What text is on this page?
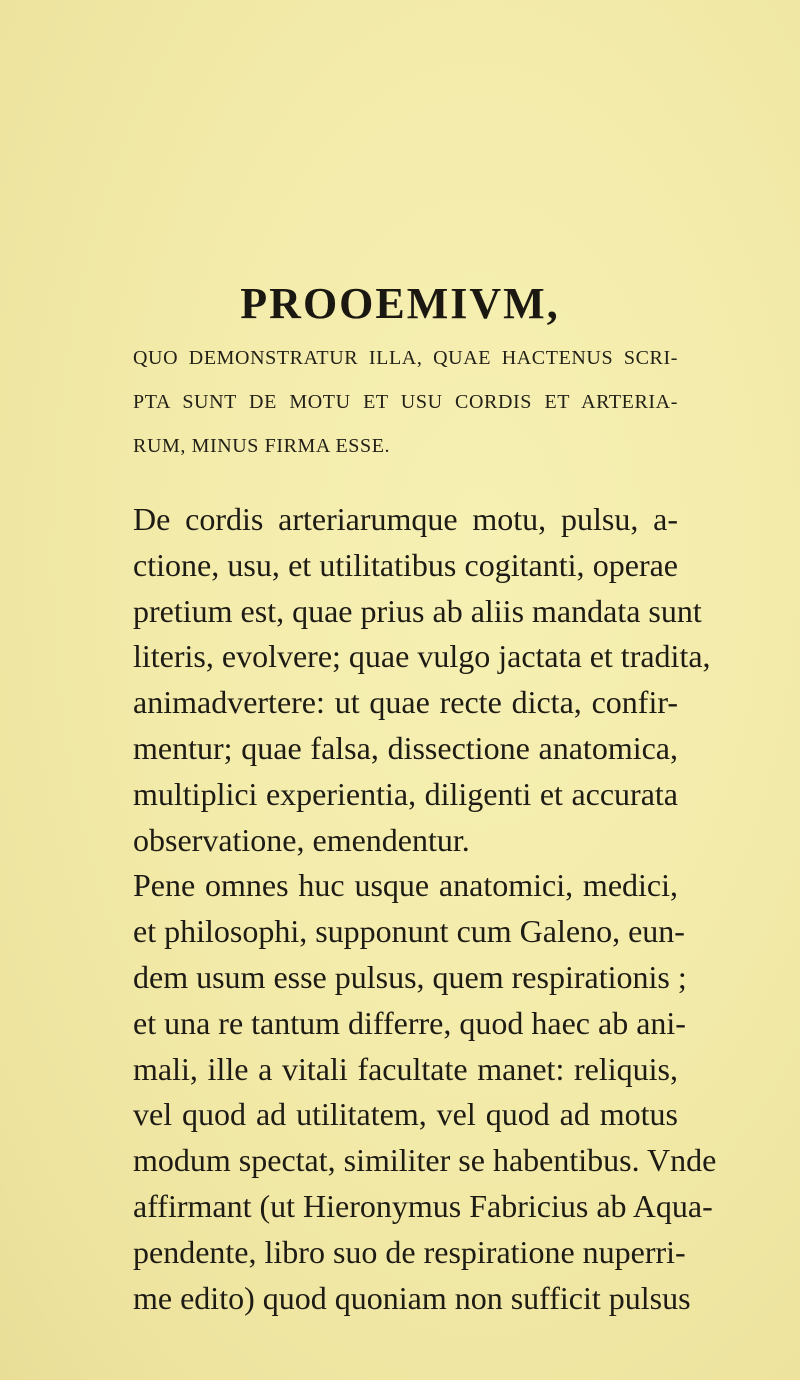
PROOEMIVM,
QUO DEMONSTRATUR ILLA, QUAE HACTENUS SCRI-
PTA SUNT DE MOTU ET USU CORDIS ET ARTERIA-
RUM, MINUS FIRMA ESSE.
De cordis arteriarumque motu, pulsu, a-
ctione, usu, et utilitatibus cogitanti, operae
pretium est, quae prius ab aliis mandata sunt
literis, evolvere; quae vulgo jactata et tradita,
animadvertere: ut quae recte dicta, confir-
mentur; quae falsa, dissectione anatomica,
multiplici experientia, diligenti et accurata
observatione, emendentur.
Pene omnes huc usque anatomici, medici,
et philosophi, supponunt cum Galeno, eun-
dem usum esse pulsus, quem respirationis ;
et una re tantum differre, quod haec ab ani-
mali, ille a vitali facultate manet: reliquis,
vel quod ad utilitatem, vel quod ad motus
modum spectat, similiter se habentibus. Vnde
affirmant (ut Hieronymus Fabricius ab Aqua-
pendente, libro suo de respiratione nuperri-
me edito) quod quoniam non sufficit pulsus
